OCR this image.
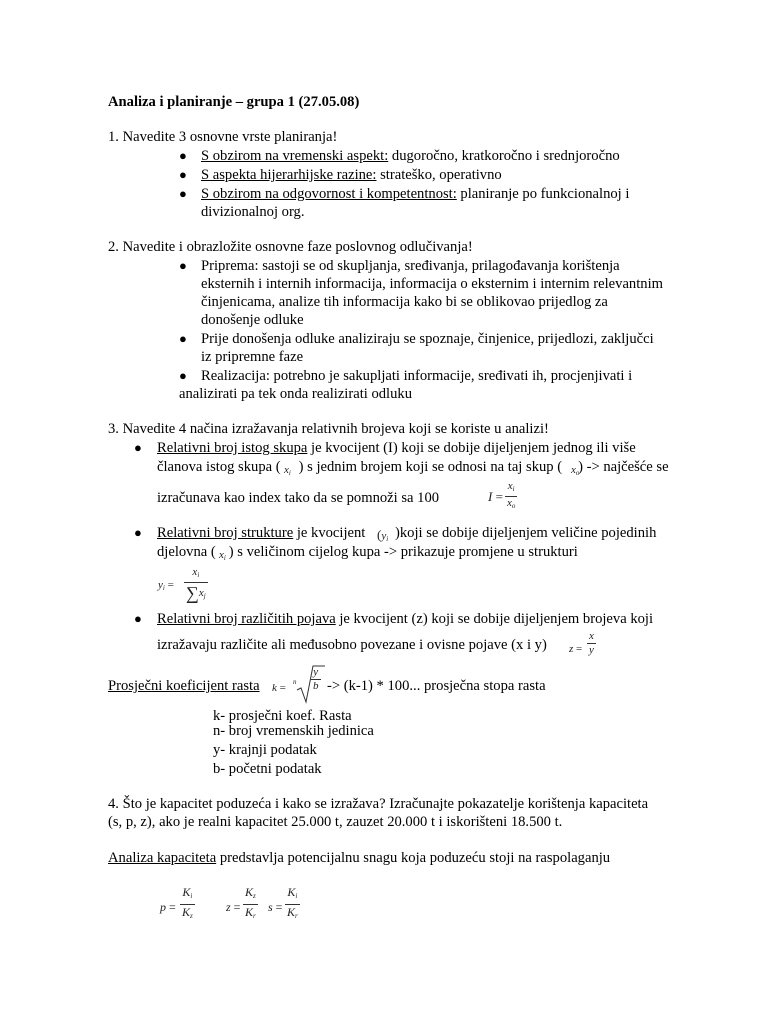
Analiza i planiranje – grupa 1 (27.05.08)
1. Navedite 3 osnovne vrste planiranja!
● S obzirom na vremenski aspekt: dugoročno, kratkoročno i srednjoročno
● S aspekta hijerarhijske razine: strateško, operativno
● S obzirom na odgovornost i kompetentnost: planiranje po funkcionalnoj i
divizionalnoj org.
2. Navedite i obrazložite osnovne faze poslovnog odlučivanja!
● Priprema: sastoji se od skupljanja, sređivanja, prilagođavanja korištenja
eksternih i internih informacija, informacija o eksternim i internim relevantnim
činjenicama, analize tih informacija kako bi se oblikovao prijedlog za
donošenje odluke
● Prije donošenja odluke analiziraju se spoznaje, činjenice, prijedlozi, zaključci
iz pripremne faze
● Realizacija: potrebno je sakupljati informacije, sređivati ih, procjenjivati i
analizirati pa tek onda realizirati odluku
3. Navedite 4 načina izražavanja relativnih brojeva koji se koriste u analizi!
● Relativni broj istog skupa je kvocijent (I) koji se dobije dijeljenjem jednog ili više
članova istog skupa ( ) s jednim brojem koji se odnosi na taj skup ( ) -> najčešće se
$x_i$	$x_o$
izračunava kao index tako da se pomnoži sa 100	$I = \frac{x_i}{x_o}$
● Relativni broj strukture je kvocijent )koji se dobije dijeljenjem veličine pojedinih
($y_i$
djelovna ( ) s veličinom cijelog kupa -> prikazuje promjene u strukturi
$x_i$
$y_i = \frac{x_i}{\sum x_j}$
● Relativni broj različitih pojava je kvocijent (z) koji se dobije dijeljenjem brojeva koji
izražavaju različite ali međusobno povezane i ovisne pojave (x i y) $z = \frac{x}{y}$
Prosječni koeficijent rasta k = n $\frac{y}{b} -> (k-1) * 100$... prosječna stopa rasta
k- prosječni koef. Rasta
n- broj vremenskih jedinica
y- krajnji podatak
b- početni podatak
4. Što je kapacitet poduzeća i kako se izražava? Izračunajte pokazatelje korištenja kapaciteta
(s, p, z), ako je realni kapacitet 25.000 t, zauzet 20.000 t i iskorišteni 18.500 t.
Analiza kapaciteta predstavlja potencijalnu snagu koja poduzeću stoji na raspolaganju
$p = \frac{K_i}{K_z}$	$z = \frac{K_z}{K_r}$ $s = \frac{K_i}{K_r}$
